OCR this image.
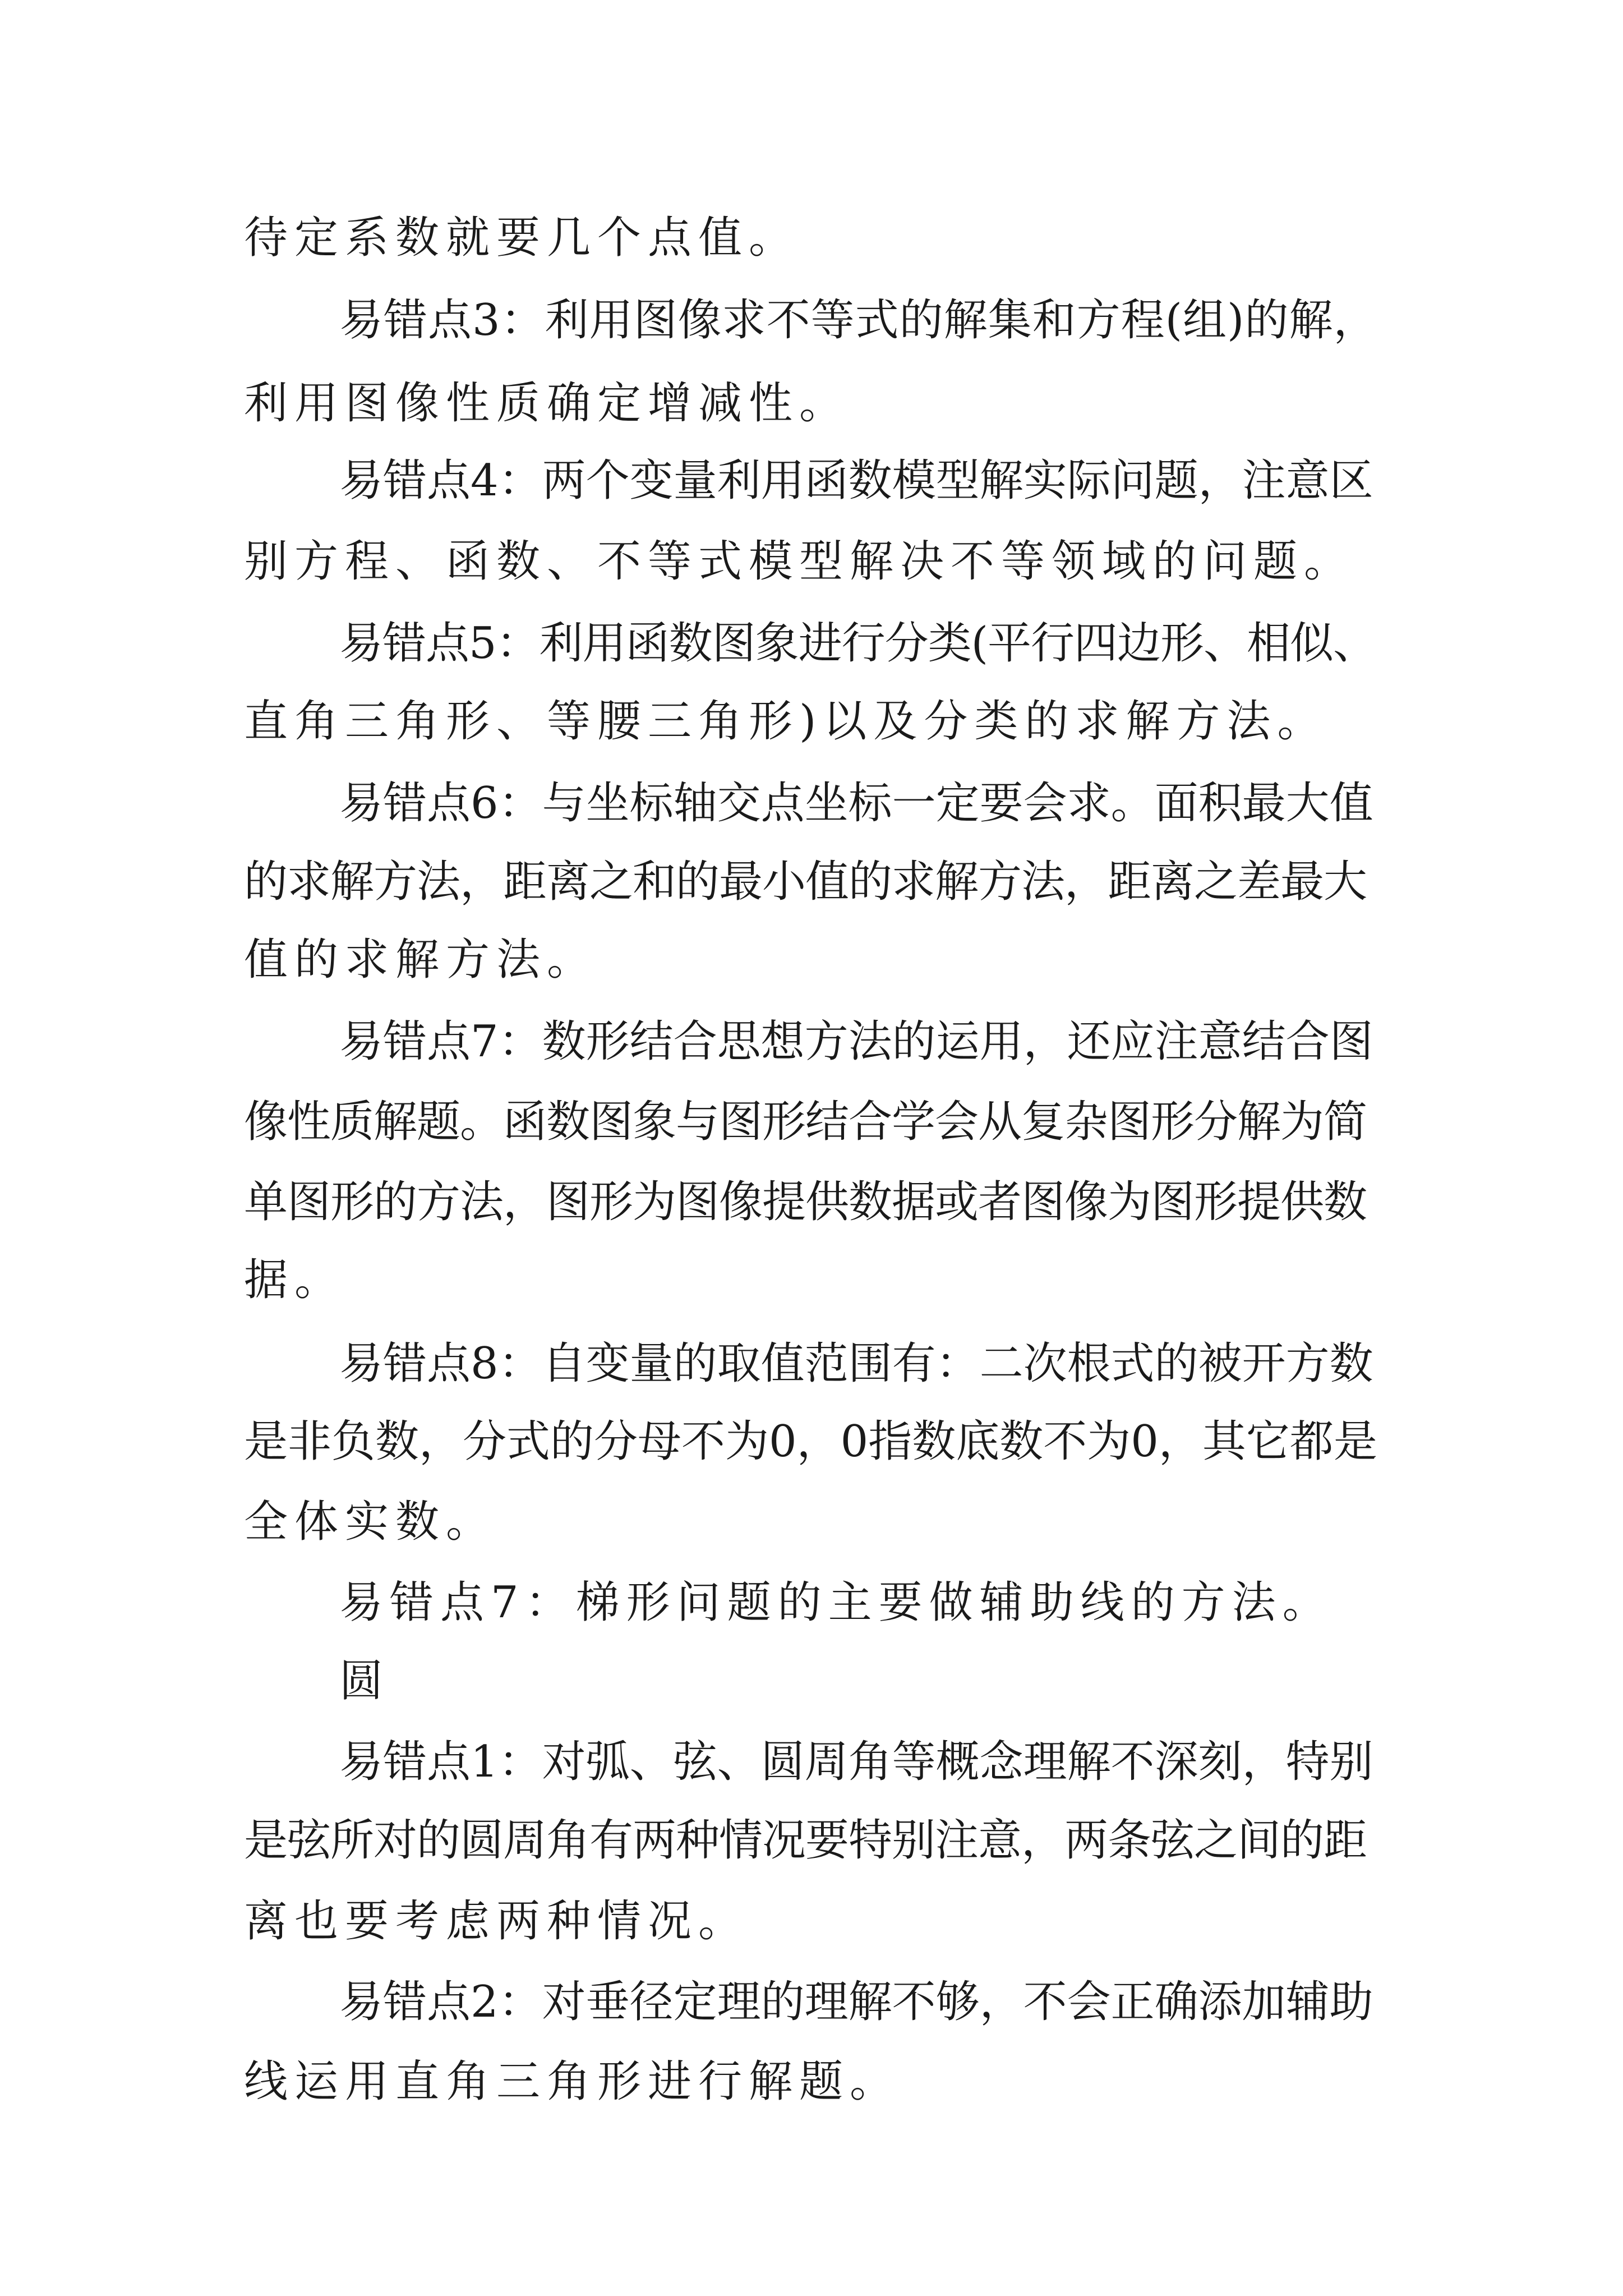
待定系数就要几个点值。
易错点3：利用图像求不等式的解集和方程(组)的解，
利用图像性质确定增减性。
易错点4：两个变量利用函数模型解实际问题，注意区
别方程、函数、不等式模型解决不等领域的问题。
易错点5：利用函数图象进行分类(平行四边形、相似、
直角三角形、等腰三角形)以及分类的求解方法。
易错点6：与坐标轴交点坐标一定要会求。面积最大值
的求解方法，距离之和的最小值的求解方法，距离之差最大
值的求解方法。
易错点7：数形结合思想方法的运用，还应注意结合图
像性质解题。函数图象与图形结合学会从复杂图形分解为简
单图形的方法，图形为图像提供数据或者图像为图形提供数
据。
易错点8：自变量的取值范围有：二次根式的被开方数
是非负数，分式的分母不为0，0指数底数不为0，其它都是
全体实数。
易错点7：梯形问题的主要做辅助线的方法。
圆
易错点1：对弧、弦、圆周角等概念理解不深刻，特别
是弦所对的圆周角有两种情况要特别注意，两条弦之间的距
离也要考虑两种情况。
易错点2：对垂径定理的理解不够，不会正确添加辅助
线运用直角三角形进行解题。
